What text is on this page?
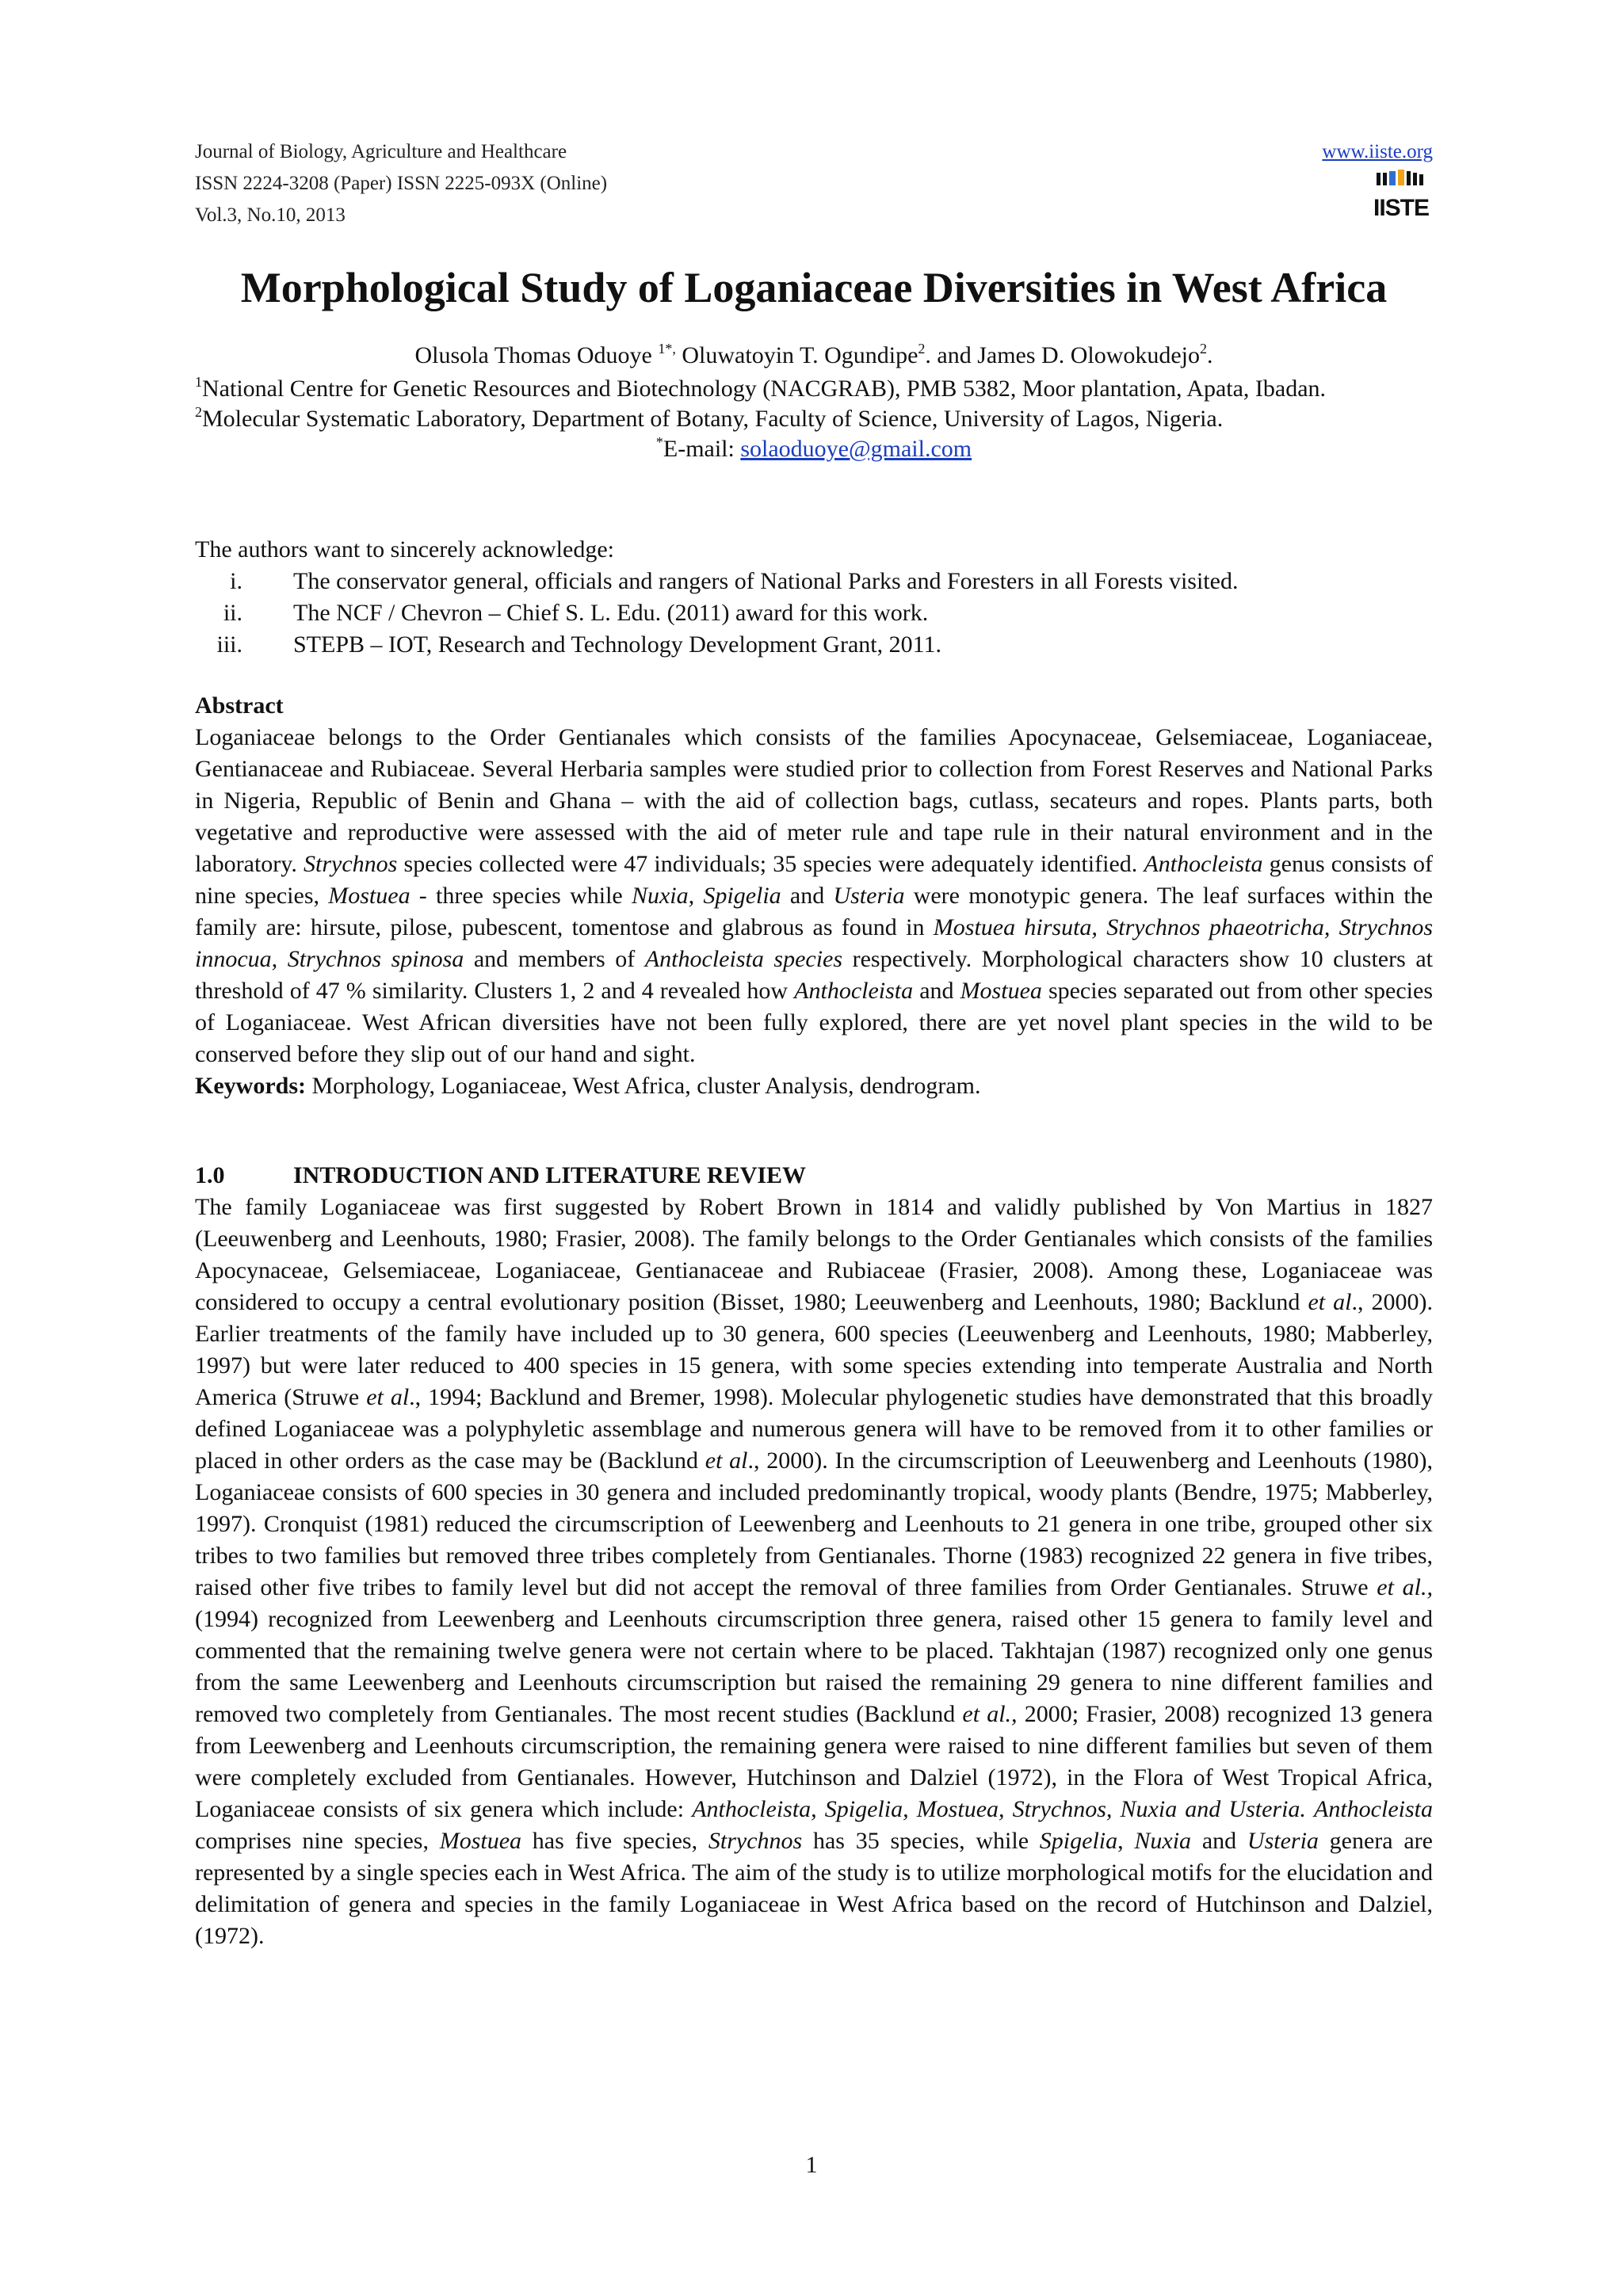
Journal of Biology, Agriculture and Healthcare
ISSN 2224-3208 (Paper) ISSN 2225-093X (Online)
Vol.3, No.10, 2013
www.iiste.org
IISTE
Morphological Study of Loganiaceae Diversities in West Africa
Olusola Thomas Oduoye $^{1*,}$ Oluwatoyin T. Ogundipe$^2$. and James D. Olowokudejo$^2$.

$^1$National Centre for Genetic Resources and Biotechnology (NACGRAB), PMB 5382, Moor plantation, Apata, Ibadan.

$^2$Molecular Systematic Laboratory, Department of Botany, Faculty of Science, University of Lagos, Nigeria.

*E-mail: solaoduoye@gmail.com

The authors want to sincerely acknowledge:
i. The conservator general, officials and rangers of National Parks and Foresters in all Forests visited.
ii. The NCF / Chevron – Chief S. L. Edu. (2011) award for this work.
iii. STEPB – IOT, Research and Technology Development Grant, 2011.
Abstract

Loganiaceae belongs to the Order Gentianales which consists of the families Apocynaceae, Gelsemiaceae, Loganiaceae, Gentianaceae and Rubiaceae. Several Herbaria samples were studied prior to collection from Forest Reserves and National Parks in Nigeria, Republic of Benin and Ghana – with the aid of collection bags, cutlass, secateurs and ropes. Plants parts, both vegetative and reproductive were assessed with the aid of meter rule and tape rule in their natural environment and in the laboratory. Strychnos species collected were 47 individuals; 35 species were adequately identified. Anthocleista genus consists of nine species, Mostuea - three species while Nuxia, Spigelia and Usteria were monotypic genera. The leaf surfaces within the family are: hirsute, pilose, pubescent, tomentose and glabrous as found in Mostuea hirsuta, Strychnos phaeotricha, Strychnos innocua, Strychnos spinosa and members of Anthocleista species respectively. Morphological characters show 10 clusters at threshold of 47 % similarity. Clusters 1, 2 and 4 revealed how Anthocleista and Mostuea species separated out from other species of Loganiaceae. West African diversities have not been fully explored, there are yet novel plant species in the wild to be conserved before they slip out of our hand and sight.

Keywords: Morphology, Loganiaceae, West Africa, cluster Analysis, dendrogram.

1.0	INTRODUCTION AND LITERATURE REVIEW

The family Loganiaceae was first suggested by Robert Brown in 1814 and validly published by Von Martius in 1827 (Leeuwenberg and Leenhouts, 1980; Frasier, 2008). The family belongs to the Order Gentianales which consists of the families Apocynaceae, Gelsemiaceae, Loganiaceae, Gentianaceae and Rubiaceae (Frasier, 2008). Among these, Loganiaceae was considered to occupy a central evolutionary position (Bisset, 1980; Leeuwenberg and Leenhouts, 1980; Backlund et al., 2000). Earlier treatments of the family have included up to 30 genera, 600 species (Leeuwenberg and Leenhouts, 1980; Mabberley, 1997) but were later reduced to 400 species in 15 genera, with some species extending into temperate Australia and North America (Struwe et al., 1994; Backlund and Bremer, 1998). Molecular phylogenetic studies have demonstrated that this broadly defined Loganiaceae was a polyphyletic assemblage and numerous genera will have to be removed from it to other families or placed in other orders as the case may be (Backlund et al., 2000). In the circumscription of Leeuwenberg and Leenhouts (1980), Loganiaceae consists of 600 species in 30 genera and included predominantly tropical, woody plants (Bendre, 1975; Mabberley, 1997). Cronquist (1981) reduced the circumscription of Leewenberg and Leenhouts to 21 genera in one tribe, grouped other six tribes to two families but removed three tribes completely from Gentianales. Thorne (1983) recognized 22 genera in five tribes, raised other five tribes to family level but did not accept the removal of three families from Order Gentianales. Struwe et al., (1994) recognized from Leewenberg and Leenhouts circumscription three genera, raised other 15 genera to family level and commented that the remaining twelve genera were not certain where to be placed. Takhtajan (1987) recognized only one genus from the same Leewenberg and Leenhouts circumscription but raised the remaining 29 genera to nine different families and removed two completely from Gentianales. The most recent studies (Backlund et al., 2000; Frasier, 2008) recognized 13 genera from Leewenberg and Leenhouts circumscription, the remaining genera were raised to nine different families but seven of them were completely excluded from Gentianales. However, Hutchinson and Dalziel (1972), in the Flora of West Tropical Africa, Loganiaceae consists of six genera which include: Anthocleista, Spigelia, Mostuea, Strychnos, Nuxia and Usteria. Anthocleista comprises nine species, Mostuea has five species, Strychnos has 35 species, while Spigelia, Nuxia and Usteria genera are represented by a single species each in West Africa. The aim of the study is to utilize morphological motifs for the elucidation and delimitation of genera and species in the family Loganiaceae in West Africa based on the record of Hutchinson and Dalziel, (1972).

1
